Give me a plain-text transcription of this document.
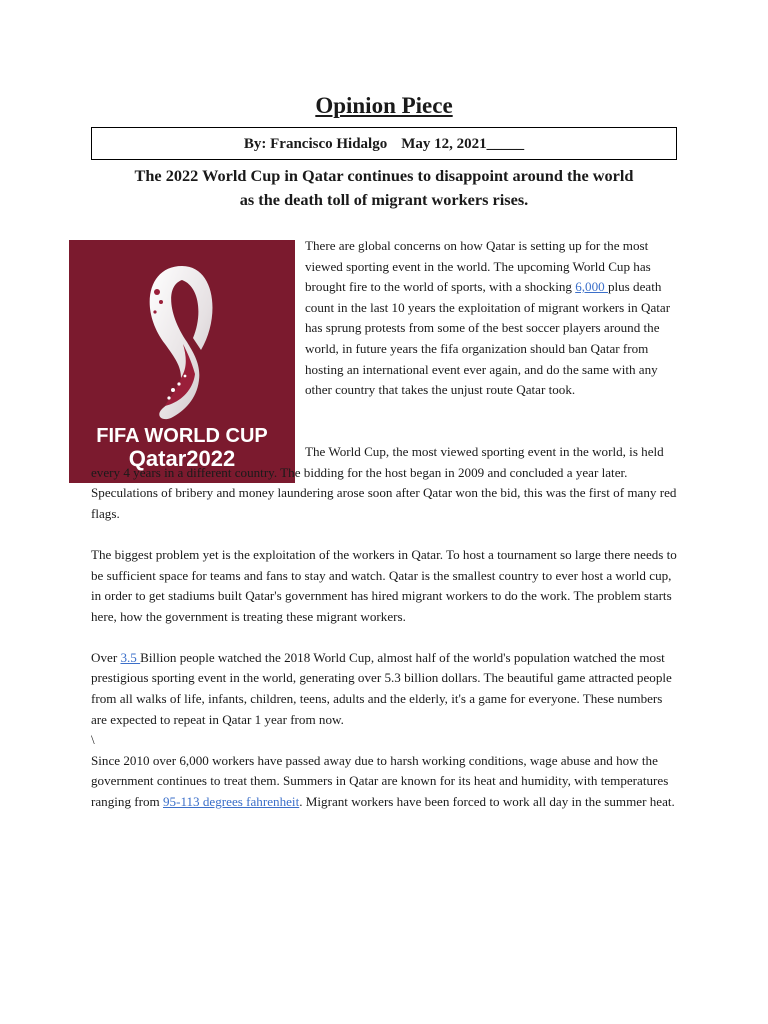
Opinion Piece
By: Francisco Hidalgo May 12, 2021_____
The 2022 World Cup in Qatar continues to disappoint around the world
as the death toll of migrant workers rises.
FIFA WORLD CUP
Qatar2022

There are global concerns on how Qatar is setting up for the most viewed sporting event in the world. The upcoming World Cup has brought fire to the world of sports, with a shocking 6,000 plus death count in the last 10 years the exploitation of migrant workers in Qatar has sprung protests from some of the best soccer players around the world, in future years the fifa organization should ban Qatar from hosting an international event ever again, and do the same with any other country that takes the unjust route Qatar took.

The World Cup, the most viewed sporting event in the world, is held every 4 years in a different country. The bidding for the host began in 2009 and concluded a year later. Speculations of bribery and money laundering arose soon after Qatar won the bid, this was the first of many red flags.

The biggest problem yet is the exploitation of the workers in Qatar. To host a tournament so large there needs to be sufficient space for teams and fans to stay and watch. Qatar is the smallest country to ever host a world cup, in order to get stadiums built Qatar's government has hired migrant workers to do the work. The problem starts here, how the government is treating these migrant workers.

Over 3.5 Billion people watched the 2018 World Cup, almost half of the world's population watched the most prestigious sporting event in the world, generating over 5.3 billion dollars. The beautiful game attracted people from all walks of life, infants, children, teens, adults and the elderly, it's a game for everyone. These numbers are expected to repeat in Qatar 1 year from now.

\

Since 2010 over 6,000 workers have passed away due to harsh working conditions, wage abuse and how the government continues to treat them. Summers in Qatar are known for its heat and humidity, with temperatures ranging from 95-113 degrees fahrenheit. Migrant workers have been forced to work all day in the summer heat.
